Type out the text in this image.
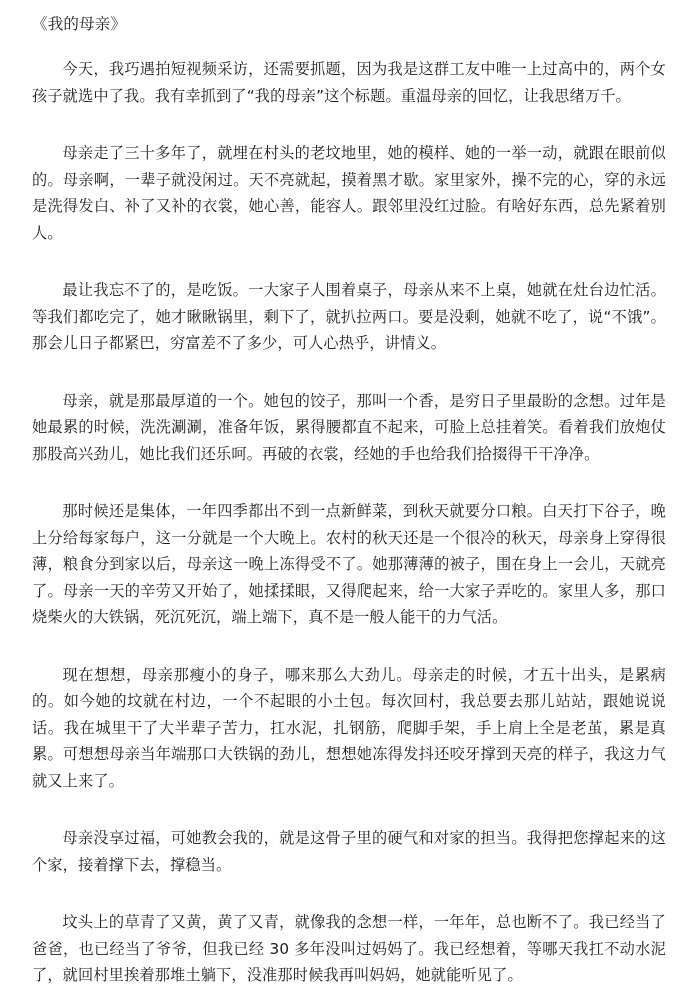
《我的母亲》

今天，我巧遇拍短视频采访，还需要抓题，因为我是这群工友中唯一上过高中的，两个女孩子就选中了我。我有幸抓到了“我的母亲”这个标题。重温母亲的回忆，让我思绪万千。

母亲走了三十多年了，就埋在村头的老坟地里，她的模样、她的一举一动，就跟在眼前似的。母亲啊，一辈子就没闲过。天不亮就起，摸着黑才歇。家里家外，操不完的心，穿的永远是洗得发白、补了又补的衣裳，她心善，能容人。跟邻里没红过脸。有啥好东西，总先紧着别人。

最让我忘不了的，是吃饭。一大家子人围着桌子，母亲从来不上桌，她就在灶台边忙活。等我们都吃完了，她才瞅瞅锅里，剩下了，就扒拉两口。要是没剩，她就不吃了，说“不饿”。那会儿日子都紧巴，穷富差不了多少，可人心热乎，讲情义。

母亲，就是那最厚道的一个。她包的饺子，那叫一个香，是穷日子里最盼的念想。过年是她最累的时候，洗洗涮涮，准备年饭，累得腰都直不起来，可脸上总挂着笑。看着我们放炮仗那股高兴劲儿，她比我们还乐呵。再破的衣裳，经她的手也给我们拾掇得干干净净。

那时候还是集体，一年四季都出不到一点新鲜菜，到秋天就要分口粮。白天打下谷子，晚上分给每家每户，这一分就是一个大晚上。农村的秋天还是一个很冷的秋天，母亲身上穿得很薄，粮食分到家以后，母亲这一晚上冻得受不了。她那薄薄的被子，围在身上一会儿，天就亮了。母亲一天的辛劳又开始了，她揉揉眼，又得爬起来，给一大家子弄吃的。家里人多，那口烧柴火的大铁锅，死沉死沉，端上端下，真不是一般人能干的力气活。

现在想想，母亲那瘦小的身子，哪来那么大劲儿。母亲走的时候，才五十出头，是累病的。如今她的坟就在村边，一个不起眼的小土包。每次回村，我总要去那儿站站，跟她说说话。我在城里干了大半辈子苦力，扛水泥，扎钢筋，爬脚手架，手上肩上全是老茧，累是真累。可想想母亲当年端那口大铁锅的劲儿，想想她冻得发抖还咬牙撑到天亮的样子，我这力气就又上来了。

母亲没享过福，可她教会我的，就是这骨子里的硬气和对家的担当。我得把您撑起来的这个家，接着撑下去，撑稳当。

坟头上的草青了又黄，黄了又青，就像我的念想一样，一年年，总也断不了。我已经当了爸爸，也已经当了爷爷，但我已经 30 多年没叫过妈妈了。我已经想着，等哪天我扛不动水泥了，就回村里挨着那堆土躺下，没准那时候我再叫妈妈，她就能听见了。
